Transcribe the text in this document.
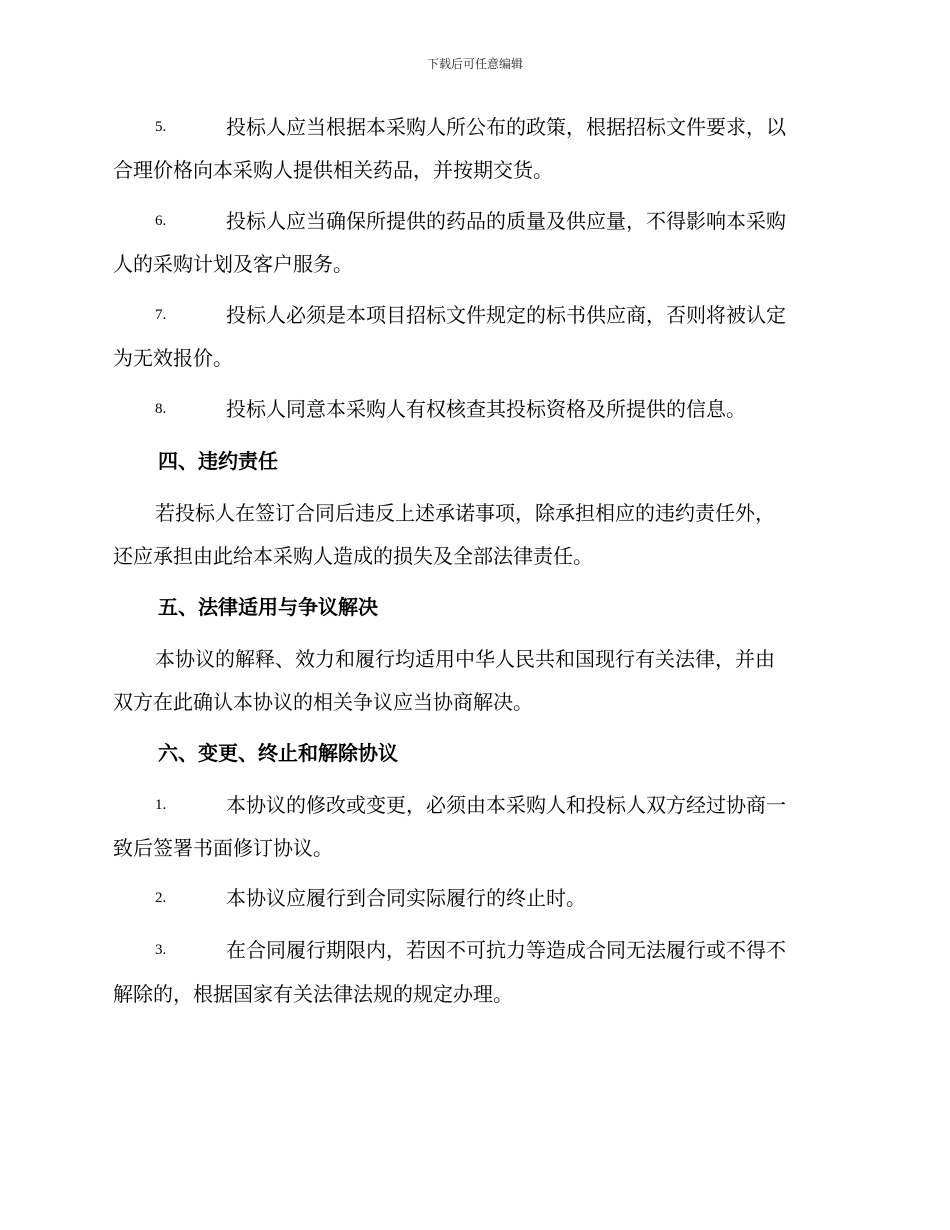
下载后可任意编辑
5.	投标人应当根据本采购人所公布的政策，根据招标文件要求，以
合理价格向本采购人提供相关药品，并按期交货。
6.	投标人应当确保所提供的药品的质量及供应量，不得影响本采购
人的采购计划及客户服务。
7.	投标人必须是本项目招标文件规定的标书供应商，否则将被认定
为无效报价。
8.	投标人同意本采购人有权核查其投标资格及所提供的信息。
四、违约责任
若投标人在签订合同后违反上述承诺事项，除承担相应的违约责任外，
还应承担由此给本采购人造成的损失及全部法律责任。
五、法律适用与争议解决
本协议的解释、效力和履行均适用中华人民共和国现行有关法律，并由
双方在此确认本协议的相关争议应当协商解决。
六、变更、终止和解除协议
1.	本协议的修改或变更，必须由本采购人和投标人双方经过协商一
致后签署书面修订协议。
2.	本协议应履行到合同实际履行的终止时。
3.	在合同履行期限内，若因不可抗力等造成合同无法履行或不得不
解除的，根据国家有关法律法规的规定办理。
